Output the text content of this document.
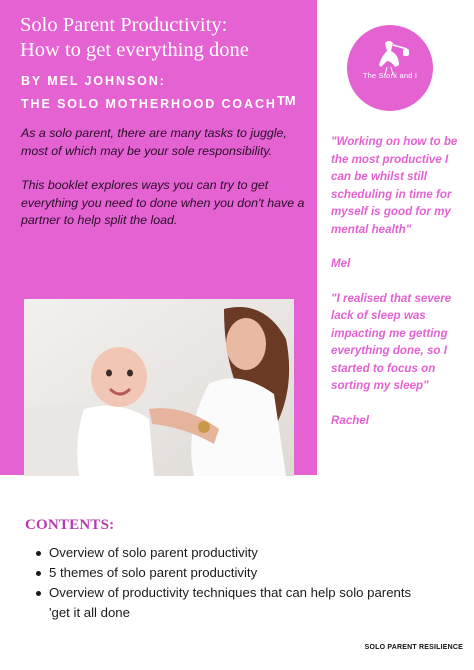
Solo Parent Productivity:
How to get everything done
BY MEL JOHNSON:
THE SOLO MOTHERHOOD COACHTM

As a solo parent, there are many tasks to juggle, most of which may be your sole responsibility.

This booklet explores ways you can try to get everything you need to done when you don't have a partner to help split the load.

The Stork and I

"Working on how to be the most productive I can be whilst still scheduling in time for myself is good for my mental health"

Mel

"I realised that severe lack of sleep was impacting me getting everything done, so I started to focus on sorting my sleep"

Rachel

CONTENTS:
Overview of solo parent productivity
5 themes of solo parent productivity
Overview of productivity techniques that can help solo parents 'get it all done
SOLO PARENT RESILIENCE
